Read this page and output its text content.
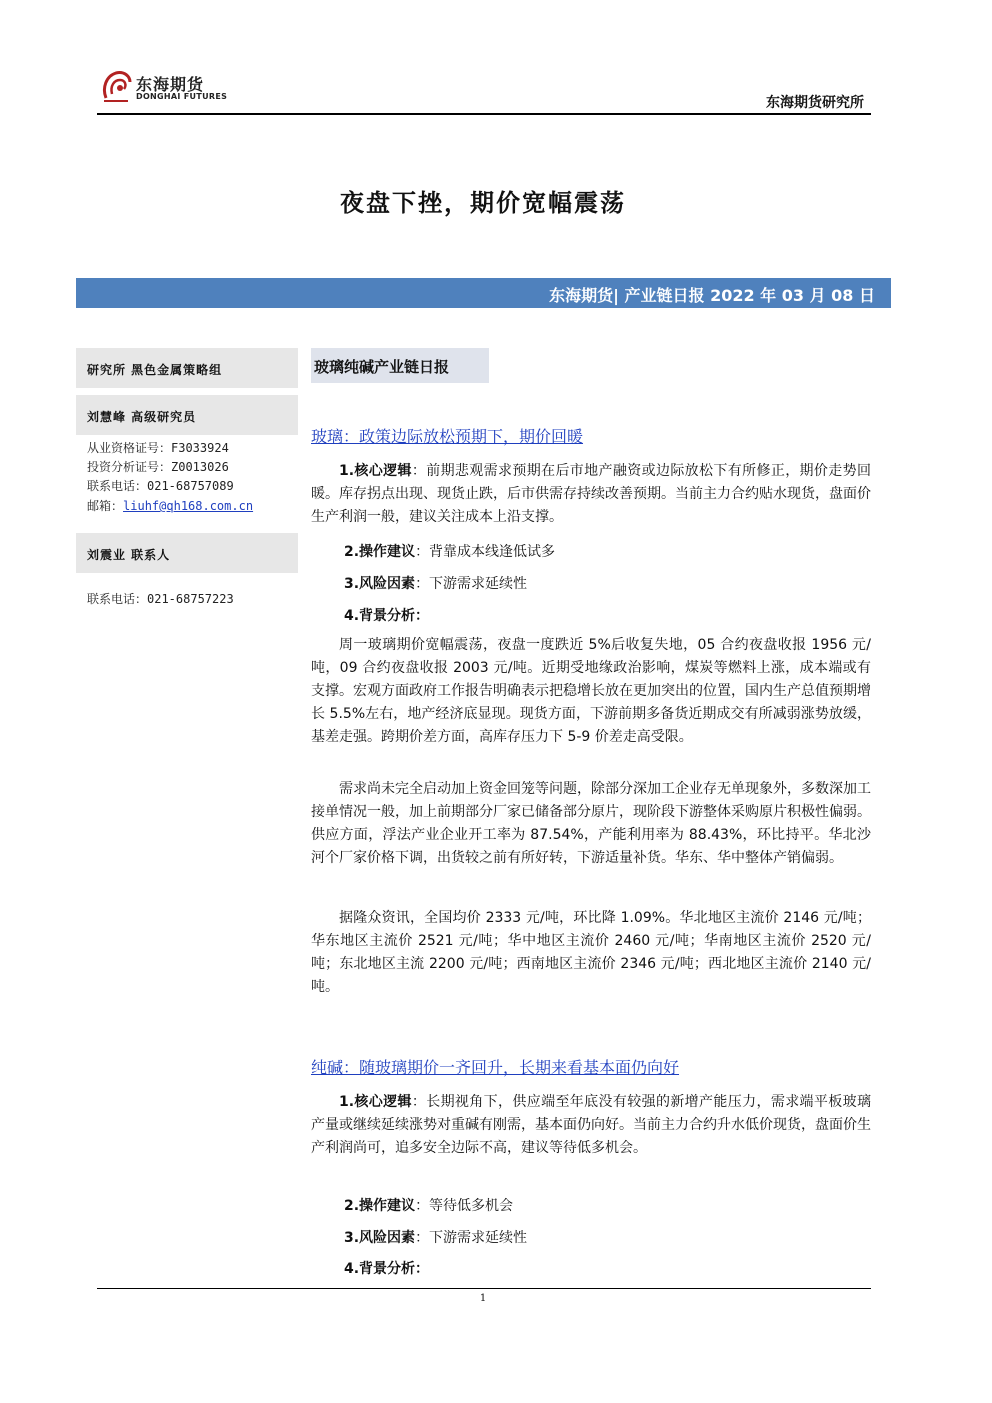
东海期货
DONGHAI FUTURES	东海期货研究所
夜盘下挫，期价宽幅震荡
东海期货| 产业链日报 2022 年 03 月 08 日
研究所 黑色金属策略组
刘慧峰 高级研究员
从业资格证号：F3033924
投资分析证号：Z0013026
联系电话：021-68757089
邮箱：liuhf@qh168.com.cn
刘震业 联系人
联系电话：021-68757223
玻璃纯碱产业链日报
玻璃：政策边际放松预期下，期价回暖
1.核心逻辑：前期悲观需求预期在后市地产融资或边际放松下有所修正，期价走势回暖。库存拐点出现、现货止跌，后市供需存持续改善预期。当前主力合约贴水现货，盘面价生产利润一般，建议关注成本上沿支撑。
2.操作建议：背靠成本线逢低试多
3.风险因素：下游需求延续性
4.背景分析：
周一玻璃期价宽幅震荡，夜盘一度跌近 5%后收复失地，05 合约夜盘收报 1956 元/吨，09 合约夜盘收报 2003 元/吨。近期受地缘政治影响，煤炭等燃料上涨，成本端或有支撑。宏观方面政府工作报告明确表示把稳增长放在更加突出的位置，国内生产总值预期增长 5.5%左右，地产经济底显现。现货方面，下游前期多备货近期成交有所减弱涨势放缓，基差走强。跨期价差方面，高库存压力下 5-9 价差走高受限。
需求尚未完全启动加上资金回笼等问题，除部分深加工企业存无单现象外，多数深加工接单情况一般，加上前期部分厂家已储备部分原片，现阶段下游整体采购原片积极性偏弱。供应方面，浮法产业企业开工率为 87.54%，产能利用率为 88.43%，环比持平。华北沙河个厂家价格下调，出货较之前有所好转，下游适量补货。华东、华中整体产销偏弱。
据隆众资讯，全国均价 2333 元/吨，环比降 1.09%。华北地区主流价 2146 元/吨；华东地区主流价 2521 元/吨；华中地区主流价 2460 元/吨；华南地区主流价 2520 元/吨；东北地区主流 2200 元/吨；西南地区主流价 2346 元/吨；西北地区主流价 2140 元/吨。
纯碱：随玻璃期价一齐回升，长期来看基本面仍向好
1.核心逻辑：长期视角下，供应端至年底没有较强的新增产能压力，需求端平板玻璃产量或继续延续涨势对重碱有刚需，基本面仍向好。当前主力合约升水低价现货，盘面价生产利润尚可，追多安全边际不高，建议等待低多机会。
2.操作建议：等待低多机会
3.风险因素：下游需求延续性
4.背景分析：
1
